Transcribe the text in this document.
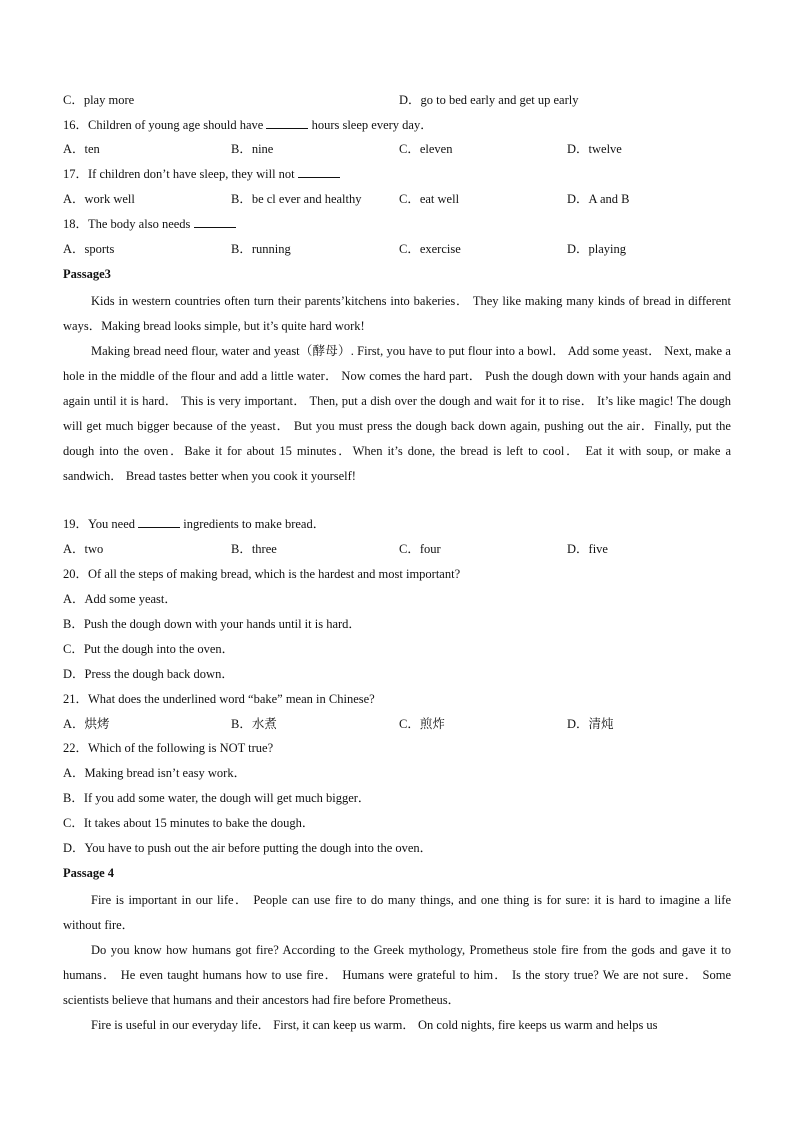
C．play more	D．go to bed early and get up early
16．Children of young age should have	hours sleep every day．
A．ten	B．nine	C．eleven	D．twelve
17．If children don’t have sleep, they will not
A．work well	B．be cl ever and healthy	C．eat well	D．A and B
18．The body also needs
A．sports	B．running	C．exercise	D．playing
Passage3
Kids in western countries often turn their parents’kitchens into bakeries． They like making many kinds of bread in different ways．Making bread looks simple, but it’s quite hard work!
Making bread need flour, water and yeast（酵母）. First, you have to put flour into a bowl． Add some yeast． Next, make a hole in the middle of the flour and add a little water． Now comes the hard part． Push the dough down with your hands again and again until it is hard． This is very important． Then, put a dish over the dough and wait for it to rise． It’s like magic! The dough will get much bigger because of the yeast． But you must press the dough back down again, pushing out the air．Finally, put the dough into the oven．Bake it for about 15 minutes．When it’s done, the bread is left to cool． Eat it with soup, or make a sandwich． Bread tastes better when you cook it yourself!
19．You need	ingredients to make bread．
A．two	B．three	C．four	D．five
20．Of all the steps of making bread, which is the hardest and most important?
A．Add some yeast．
B．Push the dough down with your hands until it is hard．
C．Put the dough into the oven．
D．Press the dough back down．
21．What does the underlined word “bake” mean in Chinese?
A．烘烤	B．水煮	C．煎炸	D．清炖
22．Which of the following is NOT true?
A．Making bread isn’t easy work．
B．If you add some water, the dough will get much bigger．
C．It takes about 15 minutes to bake the dough．
D．You have to push out the air before putting the dough into the oven．
Passage 4
Fire is important in our life． People can use fire to do many things, and one thing is for sure: it is hard to imagine a life without fire．
Do you know how humans got fire? According to the Greek mythology, Prometheus stole fire from the gods and gave it to humans． He even taught humans how to use fire． Humans were grateful to him． Is the story true? We are not sure． Some scientists believe that humans and their ancestors had fire before Prometheus．
Fire is useful in our everyday life． First, it can keep us warm． On cold nights, fire keeps us warm and helps us
